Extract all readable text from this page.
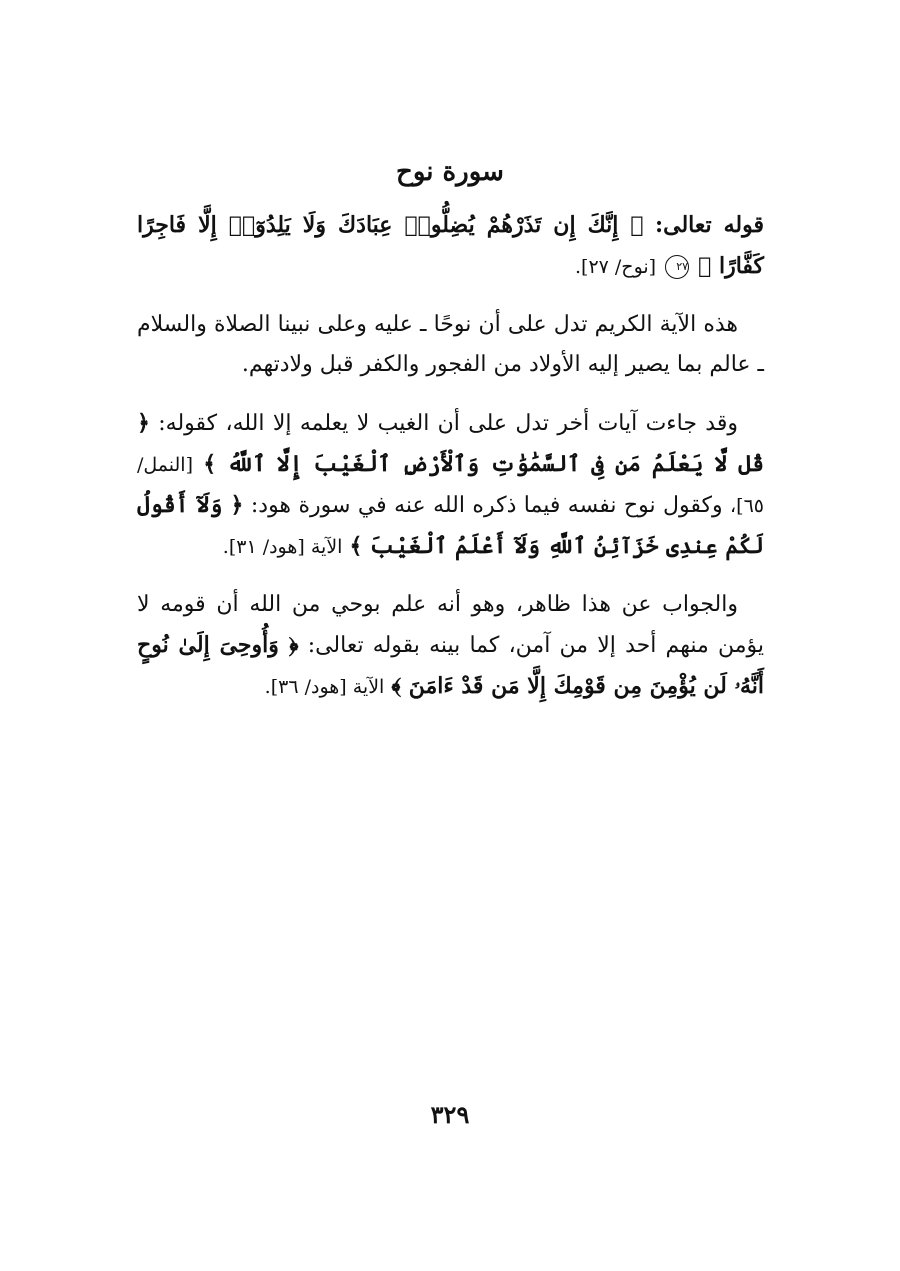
سورة نوح

قوله تعالى: ﴿ إِنَّكَ إِن تَذَرْهُمْ يُضِلُّوا۟ عِبَادَكَ وَلَا يَلِدُوٓا۟ إِلَّا فَاجِرًا كَفَّارًا ﴾ ٢٧ [نوح/ ٢٧].

هذه الآية الكريم تدل على أن نوحًا ـ عليه وعلى نبينا الصلاة والسلام ـ عالم بما يصير إليه الأولاد من الفجور والكفر قبل ولادتهم.

وقد جاءت آيات أخر تدل على أن الغيب لا يعلمه إلا الله، كقوله: ﴿ قُل لَّا يَعْلَمُ مَن فِى ٱلسَّمَٰوَٰتِ وَٱلْأَرْضِ ٱلْغَيْبَ إِلَّا ٱللَّهُ ﴾ [النمل/ ٦٥]، وكقول نوح نفسه فيما ذكره الله عنه في سورة هود: ﴿ وَلَآ أَقُولُ لَكُمْ عِندِى خَزَآئِنُ ٱللَّهِ وَلَآ أَعْلَمُ ٱلْغَيْبَ ﴾ الآية [هود/ ٣١].

والجواب عن هذا ظاهر، وهو أنه علم بوحي من الله أن قومه لا يؤمن منهم أحد إلا من آمن، كما بينه بقوله تعالى: ﴿ وَأُوحِىَ إِلَىٰ نُوحٍ أَنَّهُۥ لَن يُؤْمِنَ مِن قَوْمِكَ إِلَّا مَن قَدْ ءَامَنَ ﴾ الآية [هود/ ٣٦].

٣٢٩
